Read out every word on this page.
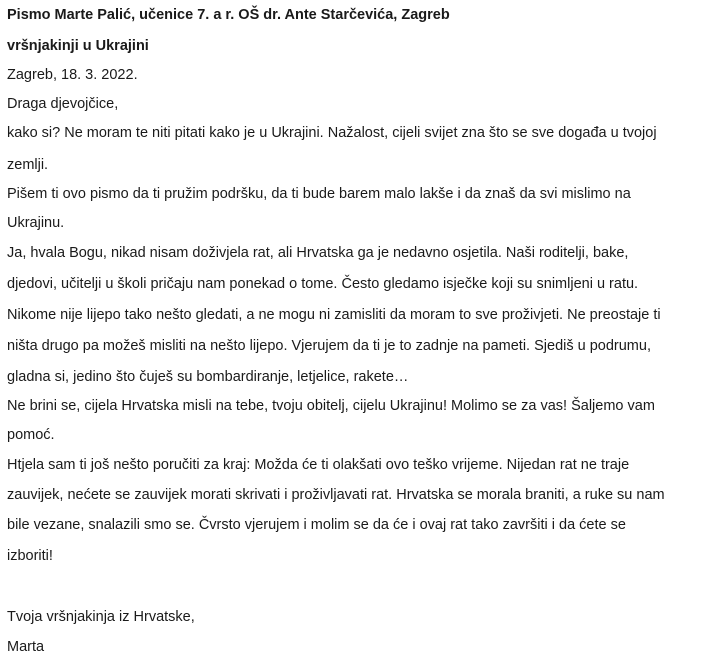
Pismo Marte Palić, učenice 7. a r. OŠ dr. Ante Starčevića, Zagreb
vršnjakinji u Ukrajini
Zagreb, 18. 3. 2022.
Draga djevojčice,
kako si? Ne moram te niti pitati kako je u Ukrajini. Nažalost, cijeli svijet zna što se sve događa u tvojoj
zemlji.
Pišem ti ovo pismo da ti pružim podršku, da ti bude barem malo lakše i da znaš da svi mislimo na
Ukrajinu.
Ja, hvala Bogu, nikad nisam doživjela rat, ali Hrvatska ga je nedavno osjetila. Naši roditelji, bake,
djedovi, učitelji u školi pričaju nam ponekad o tome. Često gledamo isječke koji su snimljeni u ratu.
Nikome nije lijepo tako nešto gledati, a ne mogu ni zamisliti da moram to sve proživjeti. Ne preostaje ti
ništa drugo pa možeš misliti na nešto lijepo. Vjerujem da ti je to zadnje na pameti. Sjediš u podrumu,
gladna si, jedino što čuješ su bombardiranje, letjelice, rakete…
Ne brini se, cijela Hrvatska misli na tebe, tvoju obitelj, cijelu Ukrajinu! Molimo se za vas! Šaljemo vam
pomoć.
Htjela sam ti još nešto poručiti za kraj: Možda će ti olakšati ovo teško vrijeme. Nijedan rat ne traje
zauvijek, nećete se zauvijek morati skrivati i proživljavati rat. Hrvatska se morala braniti, a ruke su nam
bile vezane, snalazili smo se. Čvrsto vjerujem i molim se da će i ovaj rat tako završiti i da ćete se
izboriti!
Tvoja vršnjakinja iz Hrvatske,
Marta
